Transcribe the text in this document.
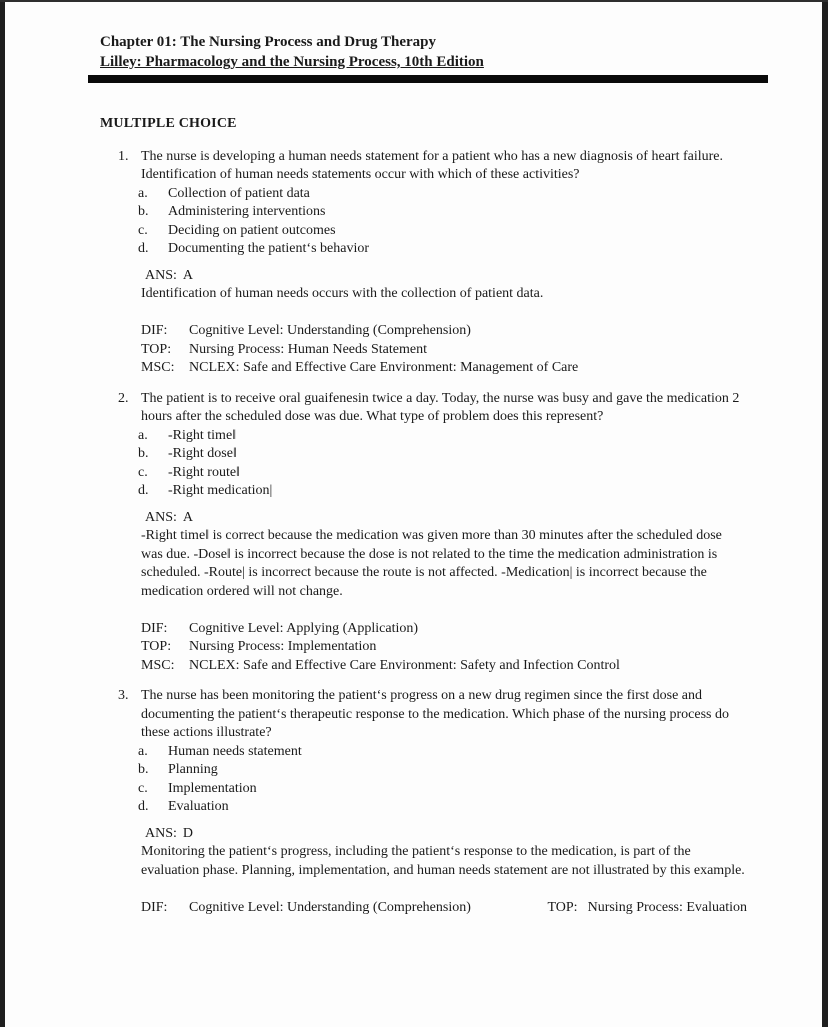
Chapter 01: The Nursing Process and Drug Therapy
Lilley: Pharmacology and the Nursing Process, 10th Edition
MULTIPLE CHOICE
1. The nurse is developing a human needs statement for a patient who has a new diagnosis of heart failure. Identification of human needs statements occur with which of these activities?
a.	Collection of patient data
b.	Administering interventions
c.	Deciding on patient outcomes
d.	Documenting the patient‘s behavior
ANS: A
Identification of human needs occurs with the collection of patient data.
DIF:	Cognitive Level: Understanding (Comprehension)
TOP:	Nursing Process: Human Needs Statement
MSC:	NCLEX: Safe and Effective Care Environment: Management of Care
2. The patient is to receive oral guaifenesin twice a day. Today, the nurse was busy and gave the medication 2 hours after the scheduled dose was due. What type of problem does this represent?
a.	-Right time‖
b.	-Right dose‖
c.	-Right route‖
d.	-Right medication|
ANS: A
-Right time‖ is correct because the medication was given more than 30 minutes after the scheduled dose was due. -Dose‖ is incorrect because the dose is not related to the time the medication administration is scheduled. -Route| is incorrect because the route is not affected. -Medication| is incorrect because the medication ordered will not change.
DIF:	Cognitive Level: Applying (Application)
TOP:	Nursing Process: Implementation
MSC:	NCLEX: Safe and Effective Care Environment: Safety and Infection Control
3. The nurse has been monitoring the patient‘s progress on a new drug regimen since the first dose and documenting the patient‘s therapeutic response to the medication. Which phase of the nursing process do these actions illustrate?
a.	Human needs statement
b.	Planning
c.	Implementation
d.	Evaluation
ANS: D
Monitoring the patient‘s progress, including the patient‘s response to the medication, is part of the evaluation phase. Planning, implementation, and human needs statement are not illustrated by this example.
DIF:	Cognitive Level: Understanding (Comprehension)	TOP: Nursing Process: Evaluation
